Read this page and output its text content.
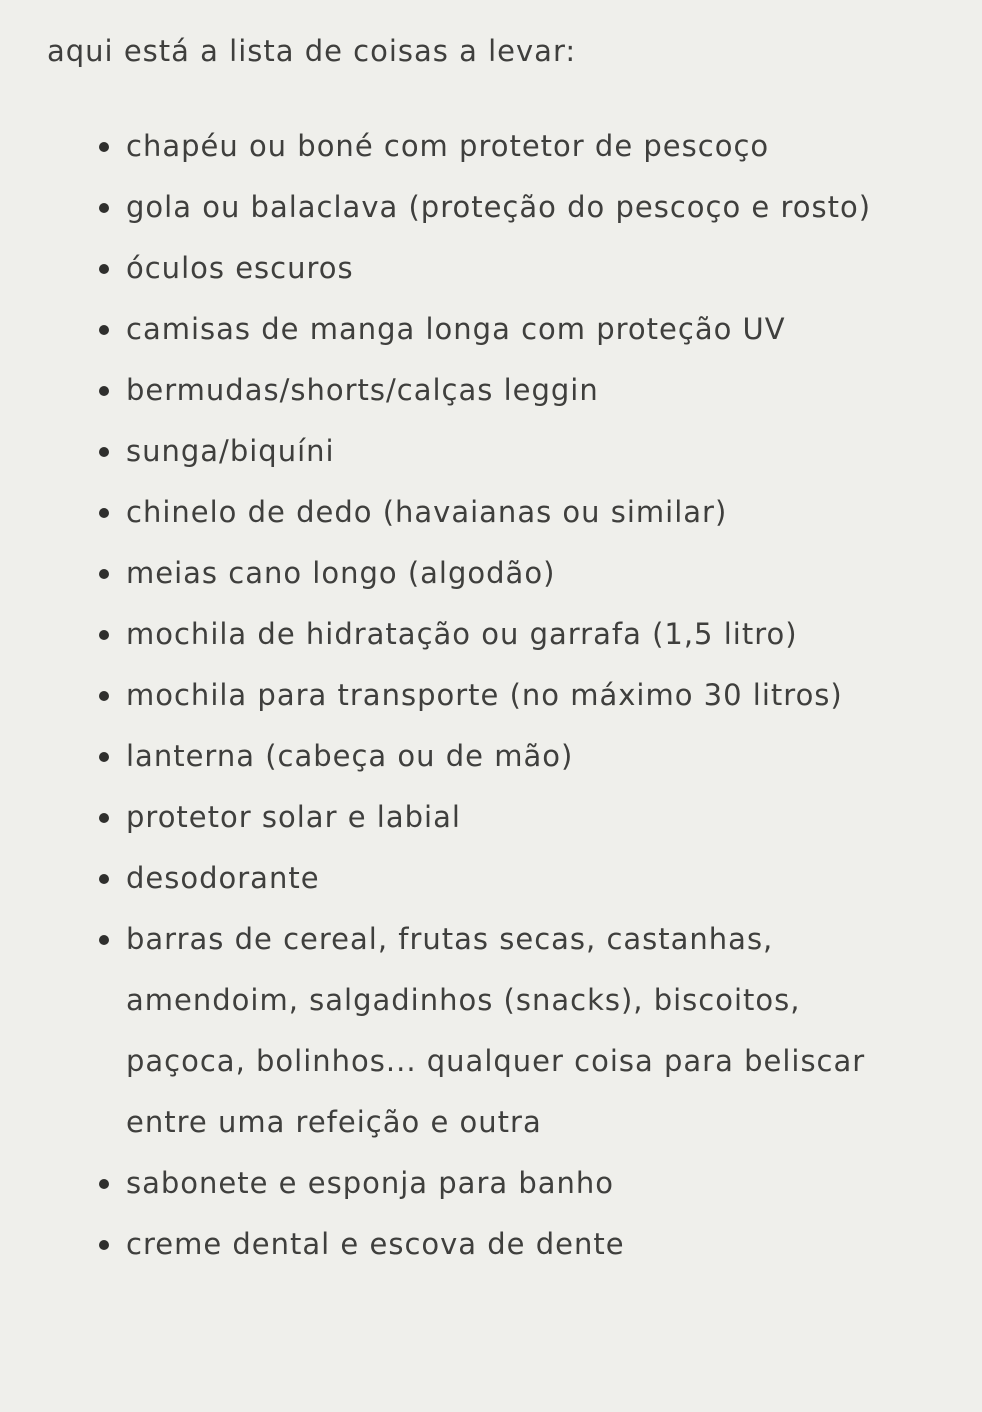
aqui está a lista de coisas a levar:

chapéu ou boné com protetor de pescoço
gola ou balaclava (proteção do pescoço e rosto)
óculos escuros
camisas de manga longa com proteção UV
bermudas/shorts/calças leggin
sunga/biquíni
chinelo de dedo (havaianas ou similar)
meias cano longo (algodão)
mochila de hidratação ou garrafa (1,5 litro)
mochila para transporte (no máximo 30 litros)
lanterna (cabeça ou de mão)
protetor solar e labial
desodorante
barras de cereal, frutas secas, castanhas, amendoim, salgadinhos (snacks), biscoitos, paçoca, bolinhos... qualquer coisa para beliscar entre uma refeição e outra
sabonete e esponja para banho
creme dental e escova de dente
